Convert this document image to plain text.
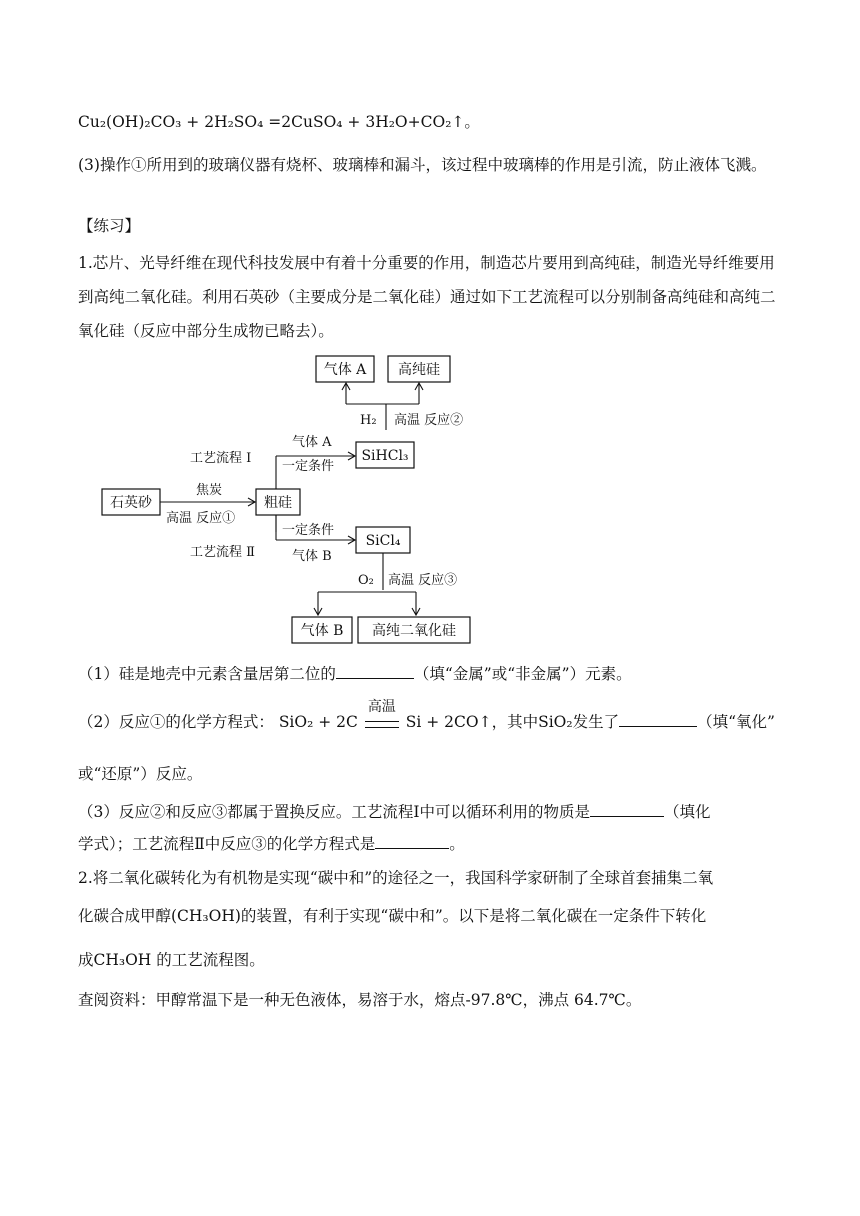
Cu₂(OH)₂CO₃ + 2H₂SO₄ =2CuSO₄ + 3H₂O+CO₂↑。
(3)操作①所用到的玻璃仪器有烧杯、玻璃棒和漏斗，该过程中玻璃棒的作用是引流，防止液体飞溅。
【练习】
1.芯片、光导纤维在现代科技发展中有着十分重要的作用，制造芯片要用到高纯硅，制造光导纤维要用到高纯二氧化硅。利用石英砂（主要成分是二氧化硅）通过如下工艺流程可以分别制备高纯硅和高纯二氧化硅（反应中部分生成物已略去）。
气体 A 高纯硅
H₂ 高温 反应②
SiHCl₃
工艺流程 Ⅰ
气体 A
一定条件
石英砂
焦炭
高温 反应①
粗硅
一定条件
SiCl₄
工艺流程 Ⅱ	气体 B
O₂ 高温 反应③
气体 B 高纯二氧化硅
（1）硅是地壳中元素含量居第二位的	（填“金属”或“非金属”）元素。
（2）反应①的化学方程式： SiO₂ + 2C
高温
Si + 2CO↑，其中SiO₂发生了	（填“氧化”
或“还原”）反应。
（3）反应②和反应③都属于置换反应。工艺流程Ⅰ中可以循环利用的物质是	（填化
学式）；工艺流程Ⅱ中反应③的化学方程式是	。
2.将二氧化碳转化为有机物是实现“碳中和”的途径之一，我国科学家研制了全球首套捕集二氧
化碳合成甲醇(CH₃OH)的装置，有利于实现“碳中和”。以下是将二氧化碳在一定条件下转化
成CH₃OH 的工艺流程图。
查阅资料：甲醇常温下是一种无色液体，易溶于水，熔点-97.8℃，沸点 64.7℃。
